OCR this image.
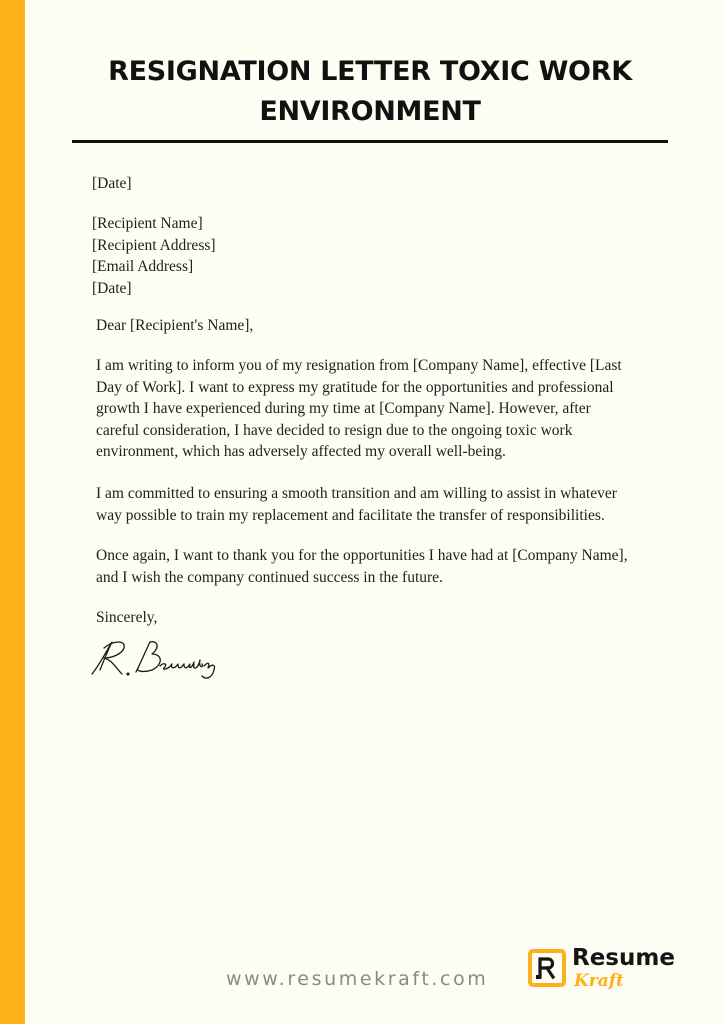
RESIGNATION LETTER TOXIC WORK
ENVIRONMENT
[Date]
[Recipient Name]
[Recipient Address]
[Email Address]
[Date]

Dear [Recipient's Name],

I am writing to inform you of my resignation from [Company Name], effective [Last
Day of Work]. I want to express my gratitude for the opportunities and professional
growth I have experienced during my time at [Company Name]. However, after
careful consideration, I have decided to resign due to the ongoing toxic work
environment, which has adversely affected my overall well-being.

I am committed to ensuring a smooth transition and am willing to assist in whatever
way possible to train my replacement and facilitate the transfer of responsibilities.

Once again, I want to thank you for the opportunities I have had at [Company Name],
and I wish the company continued success in the future.

Sincerely,

www.resumekraft.com
Resume
Kraft
